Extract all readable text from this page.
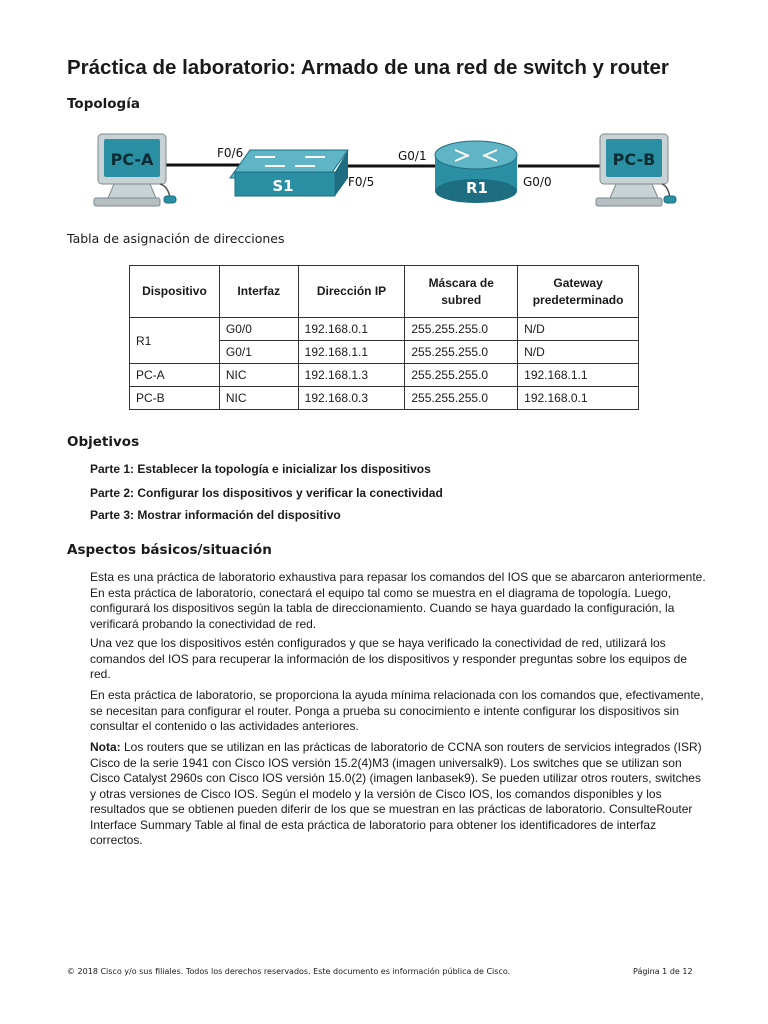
Práctica de laboratorio: Armado de una red de switch y router
Topología
PC-A
S1	R1
PC-B
F0/6
F0/5
G0/1
G0/0
Tabla de asignación de direcciones
Dispositivo	Interfaz	Dirección IP	Máscara de subred	Gateway predeterminado
R1	G0/0	192.168.0.1	255.255.255.0	N/D
	G0/1	192.168.1.1	255.255.255.0	N/D
PC-A	NIC	192.168.1.3	255.255.255.0	192.168.1.1
PC-B	NIC	192.168.0.3	255.255.255.0	192.168.0.1
Objetivos
Parte 1: Establecer la topología e inicializar los dispositivos
Parte 2: Configurar los dispositivos y verificar la conectividad
Parte 3: Mostrar información del dispositivo
Aspectos básicos/situación
Esta es una práctica de laboratorio exhaustiva para repasar los comandos del IOS que se abarcaron anteriormente. En esta práctica de laboratorio, conectará el equipo tal como se muestra en el diagrama de topología. Luego, configurará los dispositivos según la tabla de direccionamiento. Cuando se haya guardado la configuración, la verificará probando la conectividad de red.
Una vez que los dispositivos estén configurados y que se haya verificado la conectividad de red, utilizará los comandos del IOS para recuperar la información de los dispositivos y responder preguntas sobre los equipos de red.
En esta práctica de laboratorio, se proporciona la ayuda mínima relacionada con los comandos que, efectivamente, se necesitan para configurar el router. Ponga a prueba su conocimiento e intente configurar los dispositivos sin consultar el contenido o las actividades anteriores.
Nota: Los routers que se utilizan en las prácticas de laboratorio de CCNA son routers de servicios integrados (ISR) Cisco de la serie 1941 con Cisco IOS versión 15.2(4)M3 (imagen universalk9). Los switches que se utilizan son Cisco Catalyst 2960s con Cisco IOS versión 15.0(2) (imagen lanbasek9). Se pueden utilizar otros routers, switches y otras versiones de Cisco IOS. Según el modelo y la versión de Cisco IOS, los comandos disponibles y los resultados que se obtienen pueden diferir de los que se muestran en las prácticas de laboratorio. ConsulteRouter Interface Summary Table al final de esta práctica de laboratorio para obtener los identificadores de interfaz correctos.
© 2018 Cisco y/o sus filiales. Todos los derechos reservados. Este documento es información pública de Cisco.	Página 1 de 12
